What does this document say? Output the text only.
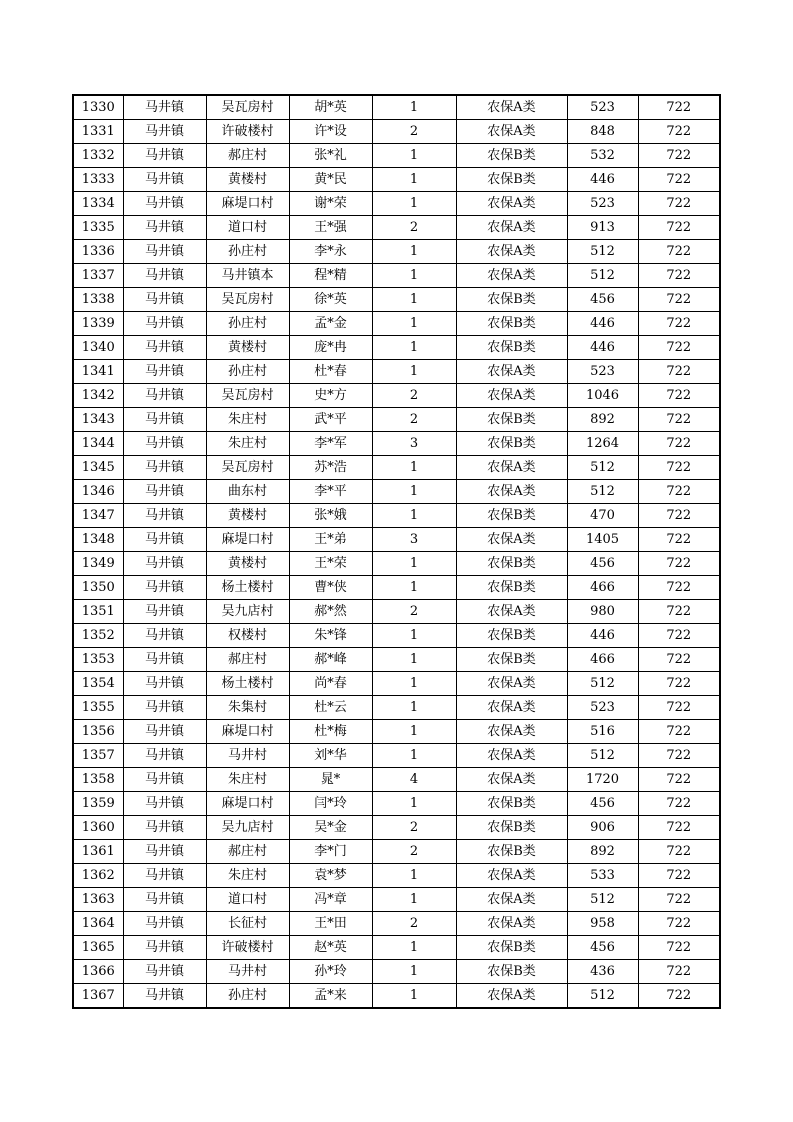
1330	马井镇	吴瓦房村	胡*英	1	农保A类	523	722
1331	马井镇	许破楼村	许*设	2	农保A类	848	722
1332	马井镇	郝庄村	张*礼	1	农保B类	532	722
1333	马井镇	黄楼村	黄*民	1	农保B类	446	722
1334	马井镇	麻堤口村	谢*荣	1	农保A类	523	722
1335	马井镇	道口村	王*强	2	农保A类	913	722
1336	马井镇	孙庄村	李*永	1	农保A类	512	722
1337	马井镇	马井镇本	程*精	1	农保A类	512	722
1338	马井镇	吴瓦房村	徐*英	1	农保B类	456	722
1339	马井镇	孙庄村	孟*金	1	农保B类	446	722
1340	马井镇	黄楼村	庞*冉	1	农保B类	446	722
1341	马井镇	孙庄村	杜*春	1	农保A类	523	722
1342	马井镇	吴瓦房村	史*方	2	农保A类	1046	722
1343	马井镇	朱庄村	武*平	2	农保B类	892	722
1344	马井镇	朱庄村	李*军	3	农保B类	1264	722
1345	马井镇	吴瓦房村	苏*浩	1	农保A类	512	722
1346	马井镇	曲东村	李*平	1	农保A类	512	722
1347	马井镇	黄楼村	张*娥	1	农保B类	470	722
1348	马井镇	麻堤口村	王*弟	3	农保A类	1405	722
1349	马井镇	黄楼村	王*荣	1	农保B类	456	722
1350	马井镇	杨土楼村	曹*侠	1	农保B类	466	722
1351	马井镇	吴九店村	郝*然	2	农保A类	980	722
1352	马井镇	权楼村	朱*锋	1	农保B类	446	722
1353	马井镇	郝庄村	郝*峰	1	农保B类	466	722
1354	马井镇	杨土楼村	尚*春	1	农保A类	512	722
1355	马井镇	朱集村	杜*云	1	农保A类	523	722
1356	马井镇	麻堤口村	杜*梅	1	农保A类	516	722
1357	马井镇	马井村	刘*华	1	农保A类	512	722
1358	马井镇	朱庄村	晁*	4	农保A类	1720	722
1359	马井镇	麻堤口村	闫*玲	1	农保B类	456	722
1360	马井镇	吴九店村	吴*金	2	农保B类	906	722
1361	马井镇	郝庄村	李*门	2	农保B类	892	722
1362	马井镇	朱庄村	袁*梦	1	农保A类	533	722
1363	马井镇	道口村	冯*章	1	农保A类	512	722
1364	马井镇	长征村	王*田	2	农保A类	958	722
1365	马井镇	许破楼村	赵*英	1	农保B类	456	722
1366	马井镇	马井村	孙*玲	1	农保B类	436	722
1367	马井镇	孙庄村	孟*来	1	农保A类	512	722
